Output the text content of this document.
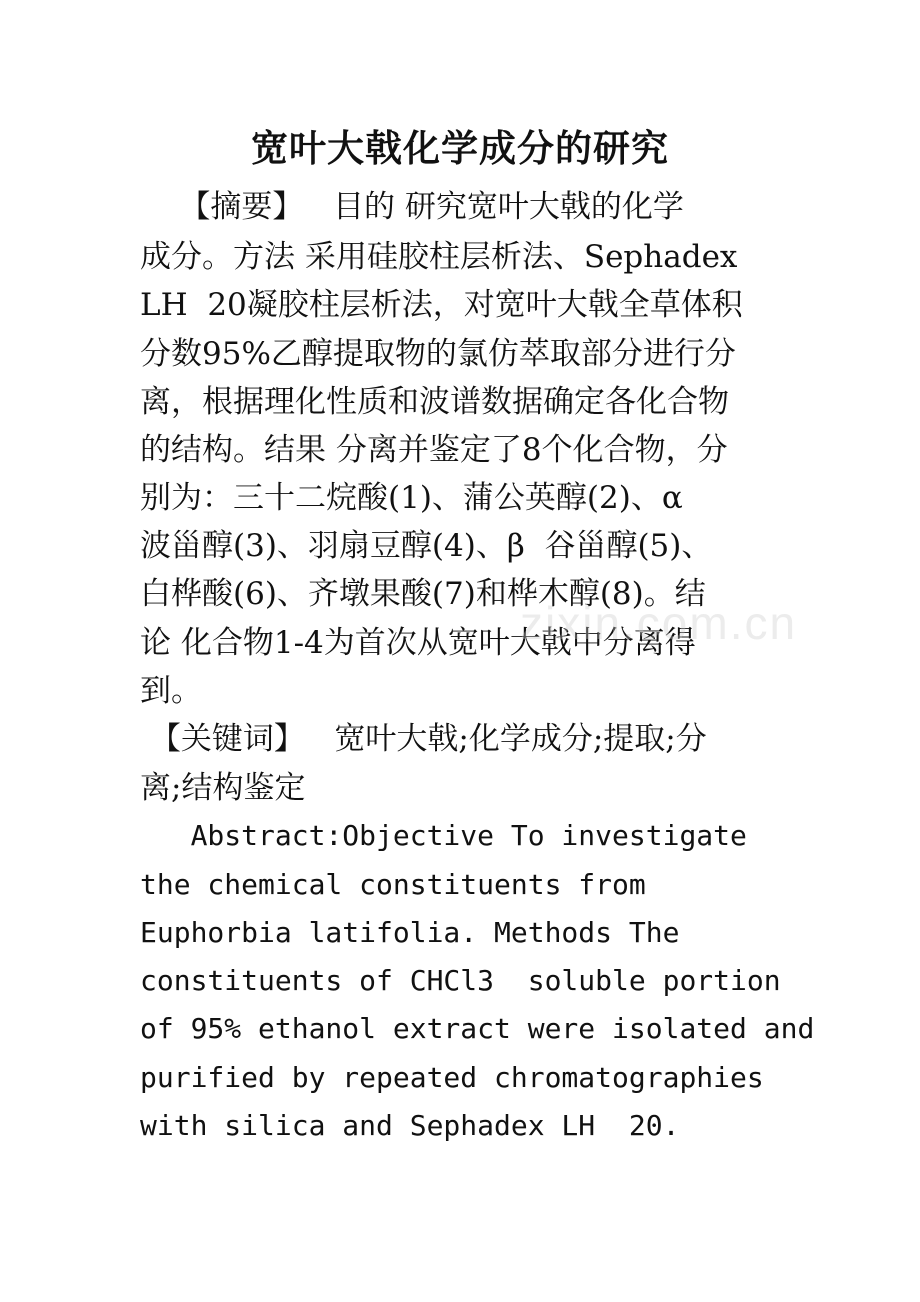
宽叶大戟化学成分的研究
【摘要】   目的 研究宽叶大戟的化学
成分。方法 采用硅胶柱层析法、Sephadex
LH  20凝胶柱层析法，对宽叶大戟全草体积
分数95%乙醇提取物的氯仿萃取部分进行分
离，根据理化性质和波谱数据确定各化合物
的结构。结果 分离并鉴定了8个化合物，分
别为：三十二烷酸(1)、蒲公英醇(2)、α
波甾醇(3)、羽扇豆醇(4)、β  谷甾醇(5)、
白桦酸(6)、齐墩果酸(7)和桦木醇(8)。结
论 化合物1-4为首次从宽叶大戟中分离得
到。
【关键词】   宽叶大戟;化学成分;提取;分
离;结构鉴定
Abstract:Objective To investigate
the chemical constituents from
Euphorbia latifolia. Methods The
constituents of CHCl3  soluble portion
of 95% ethanol extract were isolated and
purified by repeated chromatographies
with silica and Sephadex LH  20.
zixin.com.cn
